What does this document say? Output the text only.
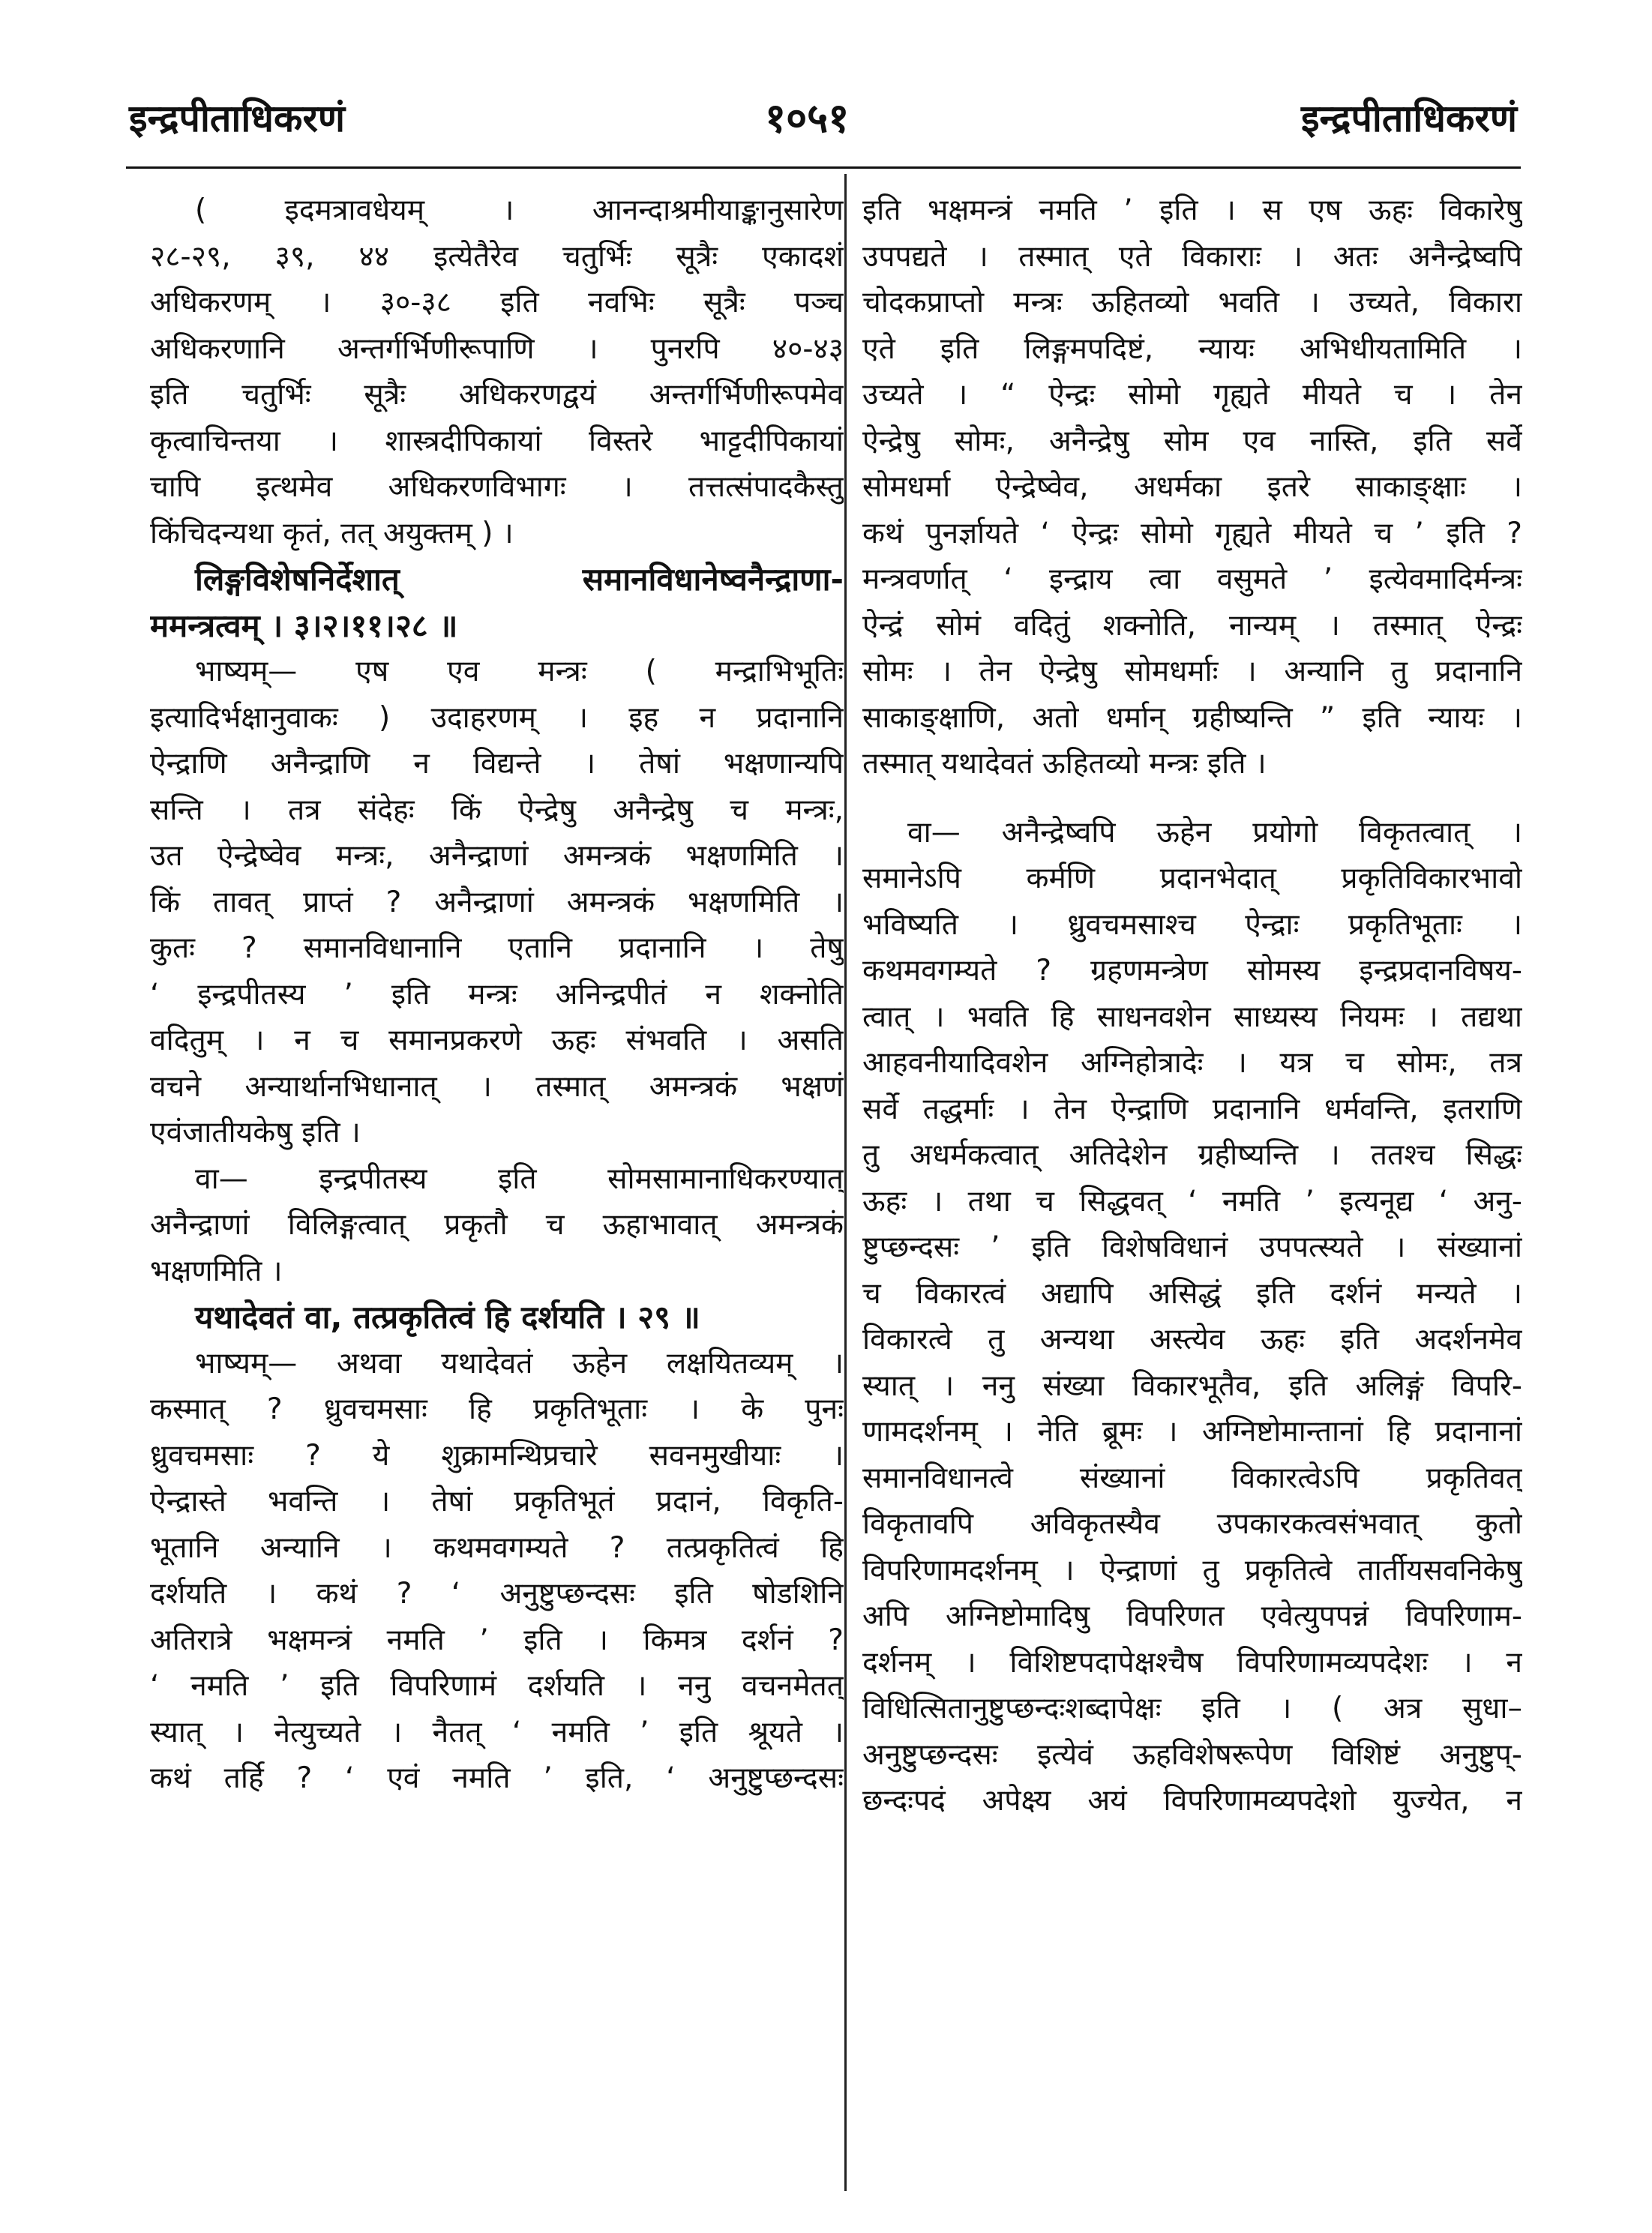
इन्द्रपीताधिकरणं	१०५१	इन्द्रपीताधिकरणं
( इदमत्रावधेयम् । आनन्दाश्रमीयाङ्कानुसारेण
२८-२९, ३९, ४४ इत्येतैरेव चतुर्भिः सूत्रैः एकादशं
अधिकरणम् । ३०-३८ इति नवभिः सूत्रैः पञ्च
अधिकरणानि अन्तर्गर्भिणीरूपाणि । पुनरपि ४०-४३
इति चतुर्भिः सूत्रैः अधिकरणद्वयं अन्तर्गर्भिणीरूपमेव
कृत्वाचिन्तया । शास्त्रदीपिकायां विस्तरे भाट्टदीपिकायां
चापि इत्थमेव अधिकरणविभागः । तत्तत्संपादकैस्तु
किंचिदन्यथा कृतं, तत् अयुक्तम् ) ।
लिङ्गविशेषनिर्देशात् समानविधानेष्वनैन्द्राणा-
ममन्त्रत्वम् । ३।२।११।२८ ॥
भाष्यम्— एष एव मन्त्रः ( मन्द्राभिभूतिः
इत्यादिर्भक्षानुवाकः ) उदाहरणम् । इह न प्रदानानि
ऐन्द्राणि अनैन्द्राणि न विद्यन्ते । तेषां भक्षणान्यपि
सन्ति । तत्र संदेहः किं ऐन्द्रेषु अनैन्द्रेषु च मन्त्रः,
उत ऐन्द्रेष्वेव मन्त्रः, अनैन्द्राणां अमन्त्रकं भक्षणमिति ।
किं तावत् प्राप्तं ? अनैन्द्राणां अमन्त्रकं भक्षणमिति ।
कुतः ? समानविधानानि एतानि प्रदानानि । तेषु
‘ इन्द्रपीतस्य ’ इति मन्त्रः अनिन्द्रपीतं न शक्नोति
वदितुम् । न च समानप्रकरणे ऊहः संभवति । असति
वचने अन्यार्थानभिधानात् । तस्मात् अमन्त्रकं भक्षणं
एवंजातीयकेषु इति ।
वा— इन्द्रपीतस्य इति सोमसामानाधिकरण्यात्
अनैन्द्राणां विलिङ्गत्वात् प्रकृतौ च ऊहाभावात् अमन्त्रकं
भक्षणमिति ।
यथादेवतं वा, तत्प्रकृतित्वं हि दर्शयति । २९ ॥
भाष्यम्— अथवा यथादेवतं ऊहेन लक्षयितव्यम् ।
कस्मात् ? ध्रुवचमसाः हि प्रकृतिभूताः । के पुनः
ध्रुवचमसाः ? ये शुक्रामन्थिप्रचारे सवनमुखीयाः ।
ऐन्द्रास्ते भवन्ति । तेषां प्रकृतिभूतं प्रदानं, विकृति-
भूतानि अन्यानि । कथमवगम्यते ? तत्प्रकृतित्वं हि
दर्शयति । कथं ? ‘ अनुष्टुप्छन्दसः इति षोडशिनि
अतिरात्रे भक्षमन्त्रं नमति ’ इति । किमत्र दर्शनं ?
‘ नमति ’ इति विपरिणामं दर्शयति । ननु वचनमेतत्
स्यात् । नेत्युच्यते । नैतत् ‘ नमति ’ इति श्रूयते ।
कथं तर्हि ? ‘ एवं नमति ’ इति, ‘ अनुष्टुप्छन्दसः
इति भक्षमन्त्रं नमति ’ इति । स एष ऊहः विकारेषु
उपपद्यते । तस्मात् एते विकाराः । अतः अनैन्द्रेष्वपि
चोदकप्राप्तो मन्त्रः ऊहितव्यो भवति । उच्यते, विकारा
एते इति लिङ्गमपदिष्टं, न्यायः अभिधीयतामिति ।
उच्यते । “ ऐन्द्रः सोमो गृह्यते मीयते च । तेन
ऐन्द्रेषु सोमः, अनैन्द्रेषु सोम एव नास्ति, इति सर्वे
सोमधर्मा ऐन्द्रेष्वेव, अधर्मका इतरे साकाङ्क्षाः ।
कथं पुनर्ज्ञायते ‘ ऐन्द्रः सोमो गृह्यते मीयते च ’ इति ?
मन्त्रवर्णात् ‘ इन्द्राय त्वा वसुमते ’ इत्येवमादिर्मन्त्रः
ऐन्द्रं सोमं वदितुं शक्नोति, नान्यम् । तस्मात् ऐन्द्रः
सोमः । तेन ऐन्द्रेषु सोमधर्माः । अन्यानि तु प्रदानानि
साकाङ्क्षाणि, अतो धर्मान् ग्रहीष्यन्ति ” इति न्यायः ।
तस्मात् यथादेवतं ऊहितव्यो मन्त्रः इति ।
वा— अनैन्द्रेष्वपि ऊहेन प्रयोगो विकृतत्वात् ।
समानेऽपि कर्मणि प्रदानभेदात् प्रकृतिविकारभावो
भविष्यति । ध्रुवचमसाश्च ऐन्द्राः प्रकृतिभूताः ।
कथमवगम्यते ? ग्रहणमन्त्रेण सोमस्य इन्द्रप्रदानविषय-
त्वात् । भवति हि साधनवशेन साध्यस्य नियमः । तद्यथा
आहवनीयादिवशेन अग्निहोत्रादेः । यत्र च सोमः, तत्र
सर्वे तद्धर्माः । तेन ऐन्द्राणि प्रदानानि धर्मवन्ति, इतराणि
तु अधर्मकत्वात् अतिदेशेन ग्रहीष्यन्ति । ततश्च सिद्धः
ऊहः । तथा च सिद्धवत् ‘ नमति ’ इत्यनूद्य ‘ अनु-
ष्टुप्छन्दसः ’ इति विशेषविधानं उपपत्स्यते । संख्यानां
च विकारत्वं अद्यापि असिद्धं इति दर्शनं मन्यते ।
विकारत्वे तु अन्यथा अस्त्येव ऊहः इति अदर्शनमेव
स्यात् । ननु संख्या विकारभूतैव, इति अलिङ्गं विपरि-
णामदर्शनम् । नेति ब्रूमः । अग्निष्टोमान्तानां हि प्रदानानां
समानविधानत्वे संख्यानां विकारत्वेऽपि प्रकृतिवत्
विकृतावपि अविकृतस्यैव उपकारकत्वसंभवात् कुतो
विपरिणामदर्शनम् । ऐन्द्राणां तु प्रकृतित्वे तार्तीयसवनिकेषु
अपि अग्निष्टोमादिषु विपरिणत एवेत्युपपन्नं विपरिणाम-
दर्शनम् । विशिष्टपदापेक्षश्चैष विपरिणामव्यपदेशः । न
विधित्सितानुष्टुप्छन्दःशब्दापेक्षः इति । ( अत्र सुधा–
अनुष्टुप्छन्दसः इत्येवं ऊहविशेषरूपेण विशिष्टं अनुष्टुप्-
छन्दःपदं अपेक्ष्य अयं विपरिणामव्यपदेशो युज्येत, न
